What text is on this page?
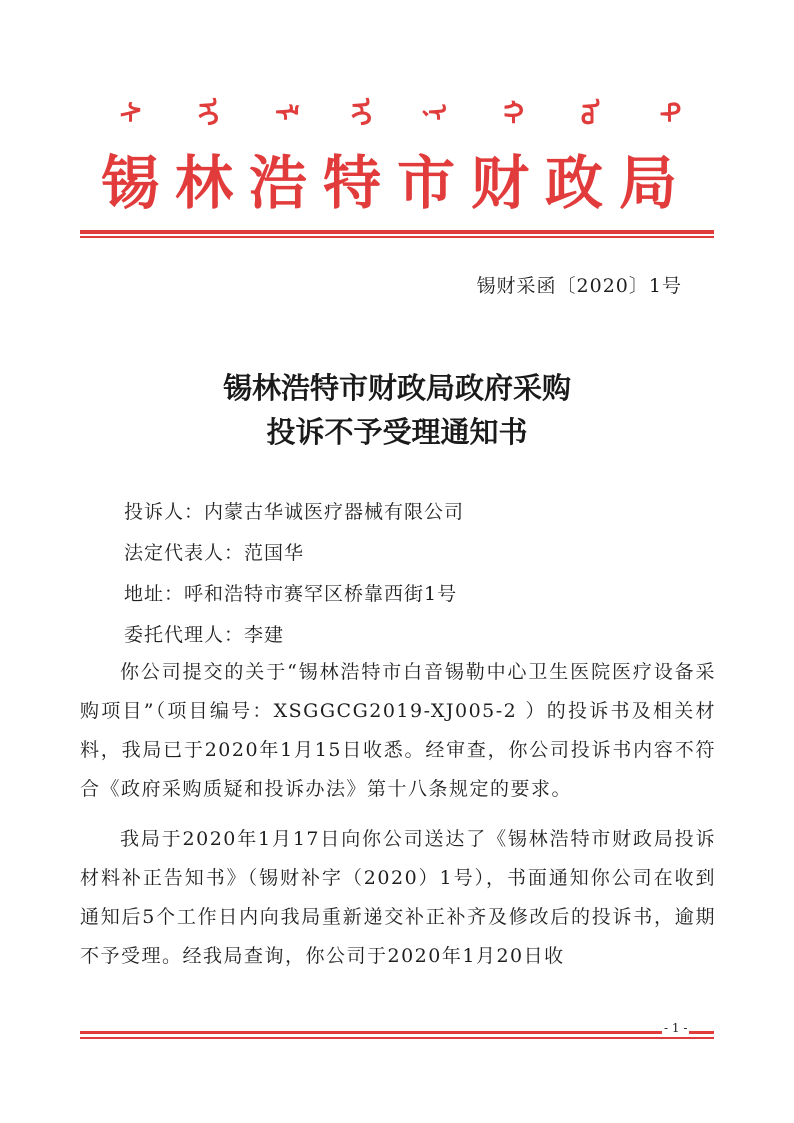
ᠰ ᠢ ᠯ ᠢ ᠨ ᠬ ᠣ ᠲ
锡林浩特市财政局
锡财采函〔2020〕1号
锡林浩特市财政局政府采购
投诉不予受理通知书
投诉人：内蒙古华诚医疗器械有限公司
法定代表人：范国华
地址：呼和浩特市赛罕区桥靠西街1号
委托代理人：李建
你公司提交的关于“锡林浩特市白音锡勒中心卫生医院医疗设备采购项目”（项目编号：XSGGCG2019-XJ005-2 ）的投诉书及相关材料，我局已于2020年1月15日收悉。经审查，你公司投诉书内容不符合《政府采购质疑和投诉办法》第十八条规定的要求。
我局于2020年1月17日向你公司送达了《锡林浩特市财政局投诉材料补正告知书》（锡财补字（2020）1号），书面通知你公司在收到通知后5个工作日内向我局重新递交补正补齐及修改后的投诉书，逾期不予受理。经我局查询，你公司于2020年1月20日收
- 1 -
